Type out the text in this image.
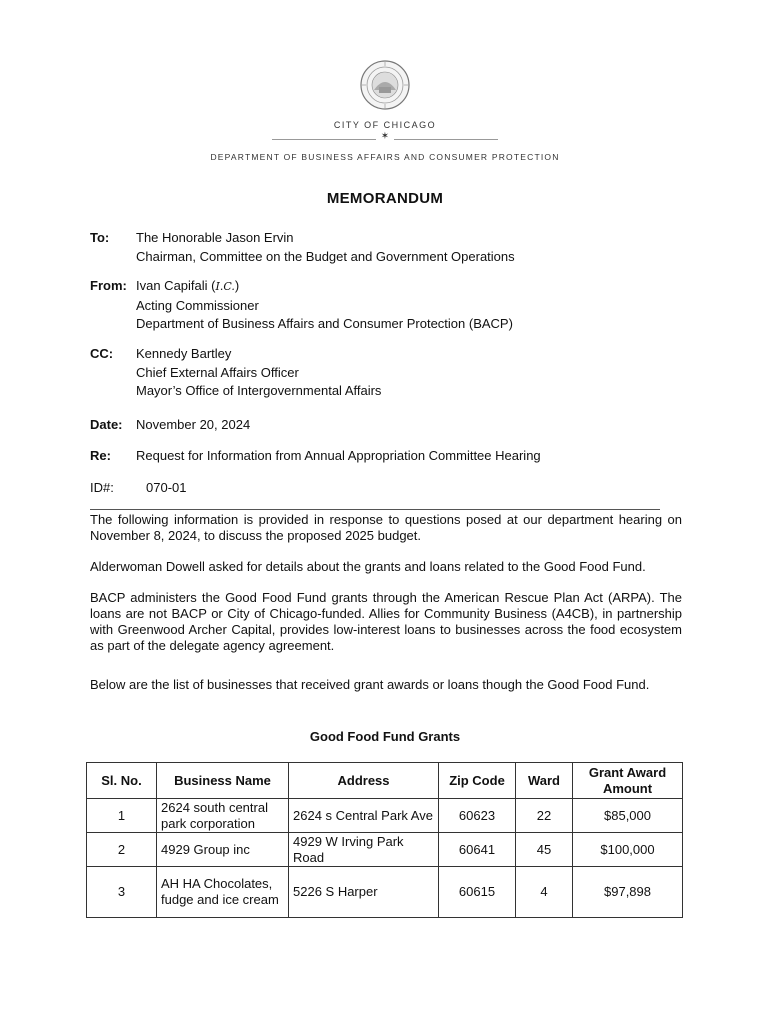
CITY OF CHICAGO
✶
DEPARTMENT OF BUSINESS AFFAIRS AND CONSUMER PROTECTION
MEMORANDUM
To: The Honorable Jason Ervin
Chairman, Committee on the Budget and Government Operations
From: Ivan Capifali (I.C.)
Acting Commissioner
Department of Business Affairs and Consumer Protection (BACP)
CC: Kennedy Bartley
Chief External Affairs Officer
Mayor’s Office of Intergovernmental Affairs
Date: November 20, 2024
Re: Request for Information from Annual Appropriation Committee Hearing
ID#: 070-01
The following information is provided in response to questions posed at our department hearing on November 8, 2024, to discuss the proposed 2025 budget.
Alderwoman Dowell asked for details about the grants and loans related to the Good Food Fund.
BACP administers the Good Food Fund grants through the American Rescue Plan Act (ARPA). The loans are not BACP or City of Chicago-funded. Allies for Community Business (A4CB), in partnership with Greenwood Archer Capital, provides low-interest loans to businesses across the food ecosystem as part of the delegate agency agreement.
Below are the list of businesses that received grant awards or loans though the Good Food Fund.
Good Food Fund Grants
Sl. No.	Business Name	Address	Zip Code	Ward	Grant Award Amount
1	2624 south central park corporation	2624 s Central Park Ave	60623	22	$85,000
2	4929 Group inc	4929 W Irving Park Road	60641	45	$100,000
3	AH HA Chocolates, fudge and ice cream	5226 S Harper	60615	4	$97,898
